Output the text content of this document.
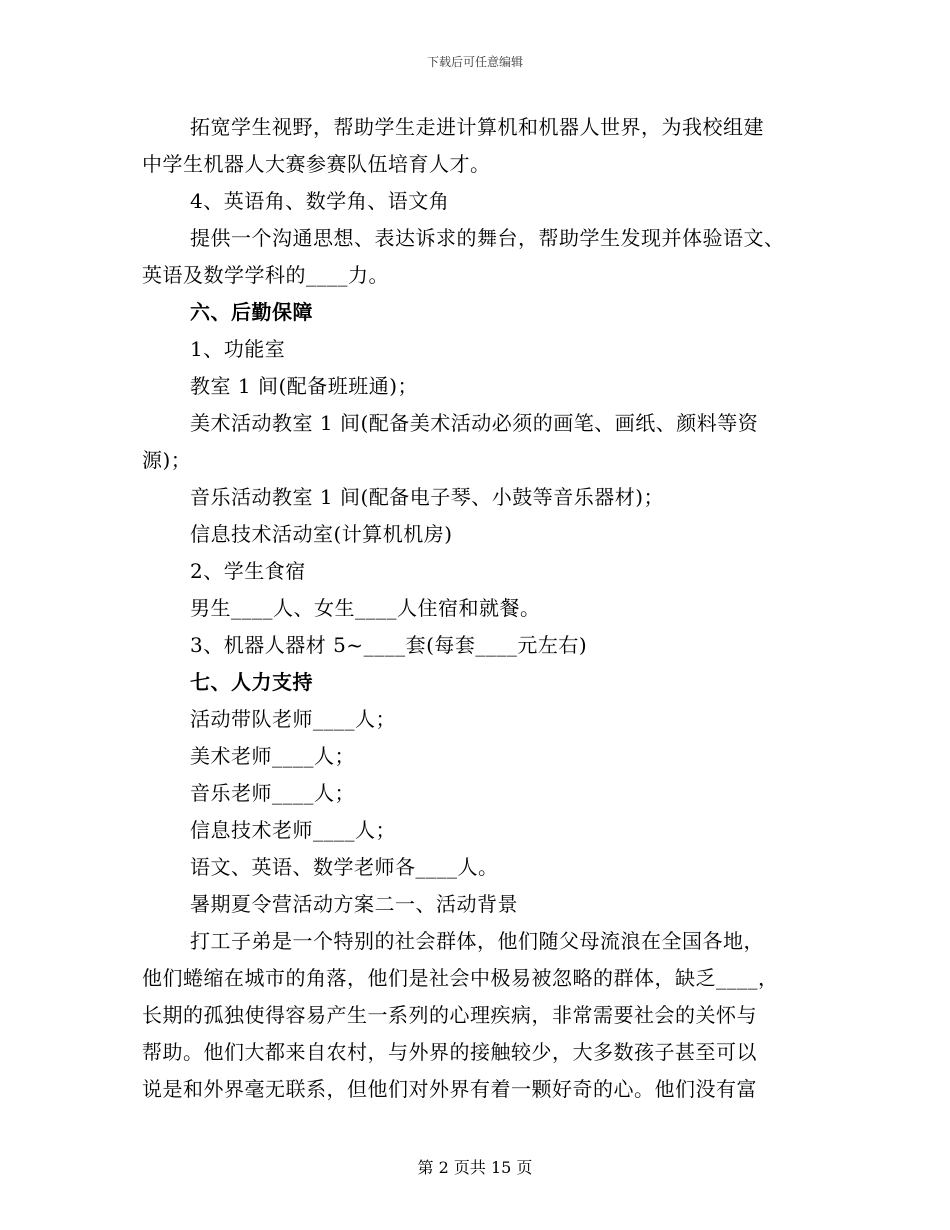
下载后可任意编辑
拓宽学生视野，帮助学生走进计算机和机器人世界，为我校组建
中学生机器人大赛参赛队伍培育人才。
4、英语角、数学角、语文角
提供一个沟通思想、表达诉求的舞台，帮助学生发现并体验语文、
英语及数学学科的____力。
六、后勤保障
1、功能室
教室 1 间(配备班班通)；
美术活动教室 1 间(配备美术活动必须的画笔、画纸、颜料等资
源)；
音乐活动教室 1 间(配备电子琴、小鼓等音乐器材)；
信息技术活动室(计算机机房)
2、学生食宿
男生____人、女生____人住宿和就餐。
3、机器人器材 5~____套(每套____元左右)
七、人力支持
活动带队老师____人；
美术老师____人；
音乐老师____人；
信息技术老师____人；
语文、英语、数学老师各____人。
暑期夏令营活动方案二一、活动背景
打工子弟是一个特别的社会群体，他们随父母流浪在全国各地，
他们蜷缩在城市的角落，他们是社会中极易被忽略的群体，缺乏____，
长期的孤独使得容易产生一系列的心理疾病，非常需要社会的关怀与
帮助。他们大都来自农村，与外界的接触较少，大多数孩子甚至可以
说是和外界毫无联系，但他们对外界有着一颗好奇的心。他们没有富
第 2 页共 15 页
